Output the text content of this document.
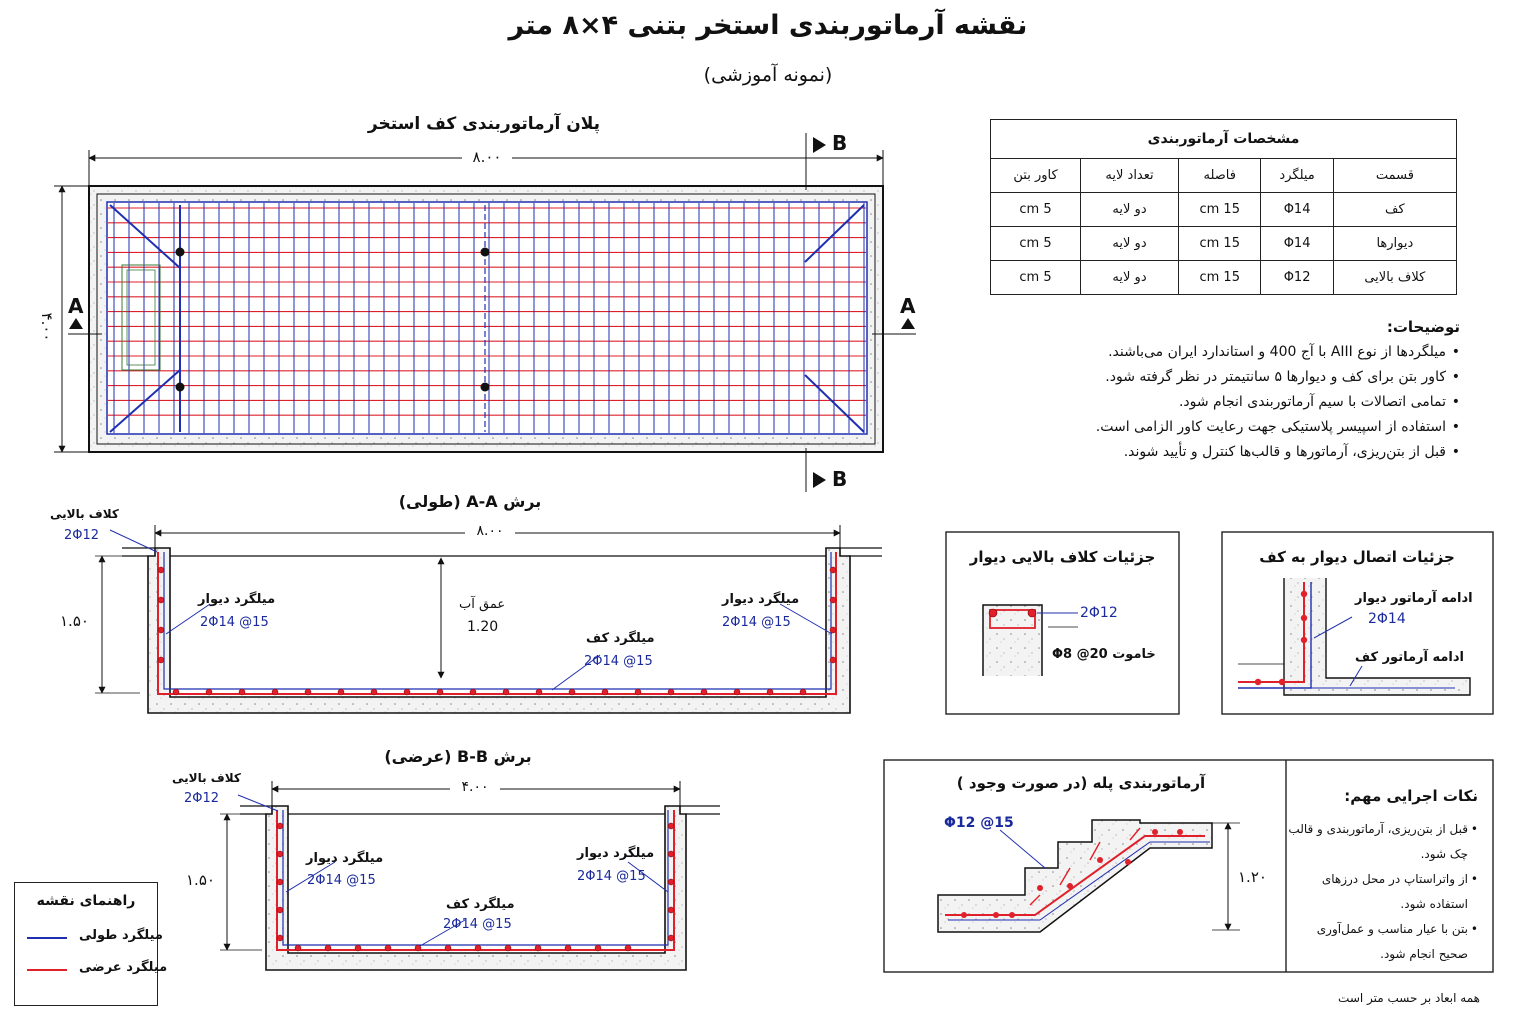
نقشه آرماتوربندی استخر بتنی ۴×۸ متر
(نمونه آموزشی)
پلان آرماتوربندی کف استخر
۸.۰۰
۴.۰۰
A	A
B
B
مشخصات آرماتوربندی				
قسمت	میلگرد	فاصله	تعداد لایه	کاور بتن
کف	Φ14	15 cm	دو لایه	5 cm
دیوارها	Φ14	15 cm	دو لایه	5 cm
کلاف بالایی	Φ12	15 cm	دو لایه	5 cm
توضیحات:
• میلگردها از نوع AIII با آج 400 و استاندارد ایران می‌باشند.
• کاور بتن برای کف و دیوارها ۵ سانتیمتر در نظر گرفته شود.
• تمامی اتصالات با سیم آرماتوربندی انجام شود.
• استفاده از اسپیسر پلاستیکی جهت رعایت کاور الزامی است.
• قبل از بتن‌ریزی، آرماتورها و قالب‌ها کنترل و تأیید شوند.
برش A-A (طولی)
۸.۰۰
۱.۵۰
کلاف بالایی
2Φ12
میلگرد دیوار
2Φ14 @15
میلگرد دیوار
2Φ14 @15
میلگرد کف
2Φ14 @15
عمق آب
1.20
برش B-B (عرضی)
۴.۰۰
۱.۵۰
کلاف بالایی
2Φ12
میلگرد دیوار
2Φ14 @15
میلگرد دیوار
2Φ14 @15
میلگرد کف
2Φ14 @15
جزئیات کلاف بالایی دیوار
2Φ12
خاموت Φ8 @20
جزئیات اتصال دیوار به کف
ادامه آرماتور دیوار
2Φ14
ادامه آرماتور کف
آرماتوربندی پله (در صورت وجود )
Φ12 @15
۱.۲۰
نکات اجرایی مهم:
• قبل از بتن‌ریزی، آرماتوربندی و قالب چک شود.
• از واتراستاپ در محل درزهای استفاده شود.
• بتن با عیار مناسب و عمل‌آوری صحیح انجام شود.
راهنمای نقشه
میلگرد طولی
میلگرد عرضی
همه ابعاد بر حسب متر است
